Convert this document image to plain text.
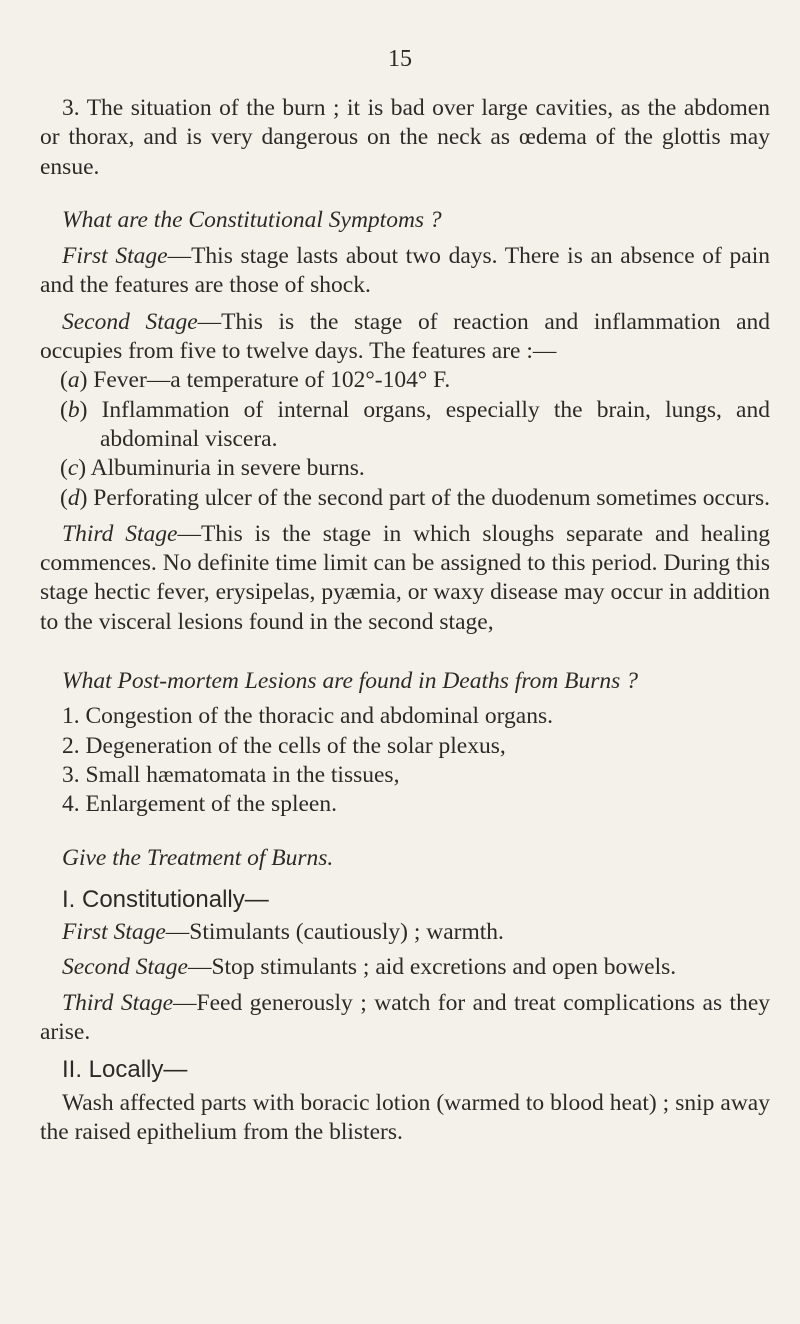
15

3. The situation of the burn ; it is bad over large cavities, as the abdomen or thorax, and is very dangerous on the neck as œdema of the glottis may ensue.

What are the Constitutional Symptoms ?

First Stage—This stage lasts about two days. There is an absence of pain and the features are those of shock.

Second Stage—This is the stage of reaction and inflammation and occupies from five to twelve days. The features are :—

(a) Fever—a temperature of 102°-104° F.

(b) Inflammation of internal organs, especially the brain, lungs, and abdominal viscera.

(c) Albuminuria in severe burns.

(d) Perforating ulcer of the second part of the duodenum sometimes occurs.

Third Stage—This is the stage in which sloughs separate and healing commences. No definite time limit can be assigned to this period. During this stage hectic fever, erysipelas, pyæmia, or waxy disease may occur in addition to the visceral lesions found in the second stage,

What Post-mortem Lesions are found in Deaths from Burns ?

1. Congestion of the thoracic and abdominal organs.

2. Degeneration of the cells of the solar plexus,

3. Small hæmatomata in the tissues,

4. Enlargement of the spleen.

Give the Treatment of Burns.

I. Constitutionally—

First Stage—Stimulants (cautiously) ; warmth.

Second Stage—Stop stimulants ; aid excretions and open bowels.

Third Stage—Feed generously ; watch for and treat complications as they arise.

II. Locally—

Wash affected parts with boracic lotion (warmed to blood heat) ; snip away the raised epithelium from the blisters.
